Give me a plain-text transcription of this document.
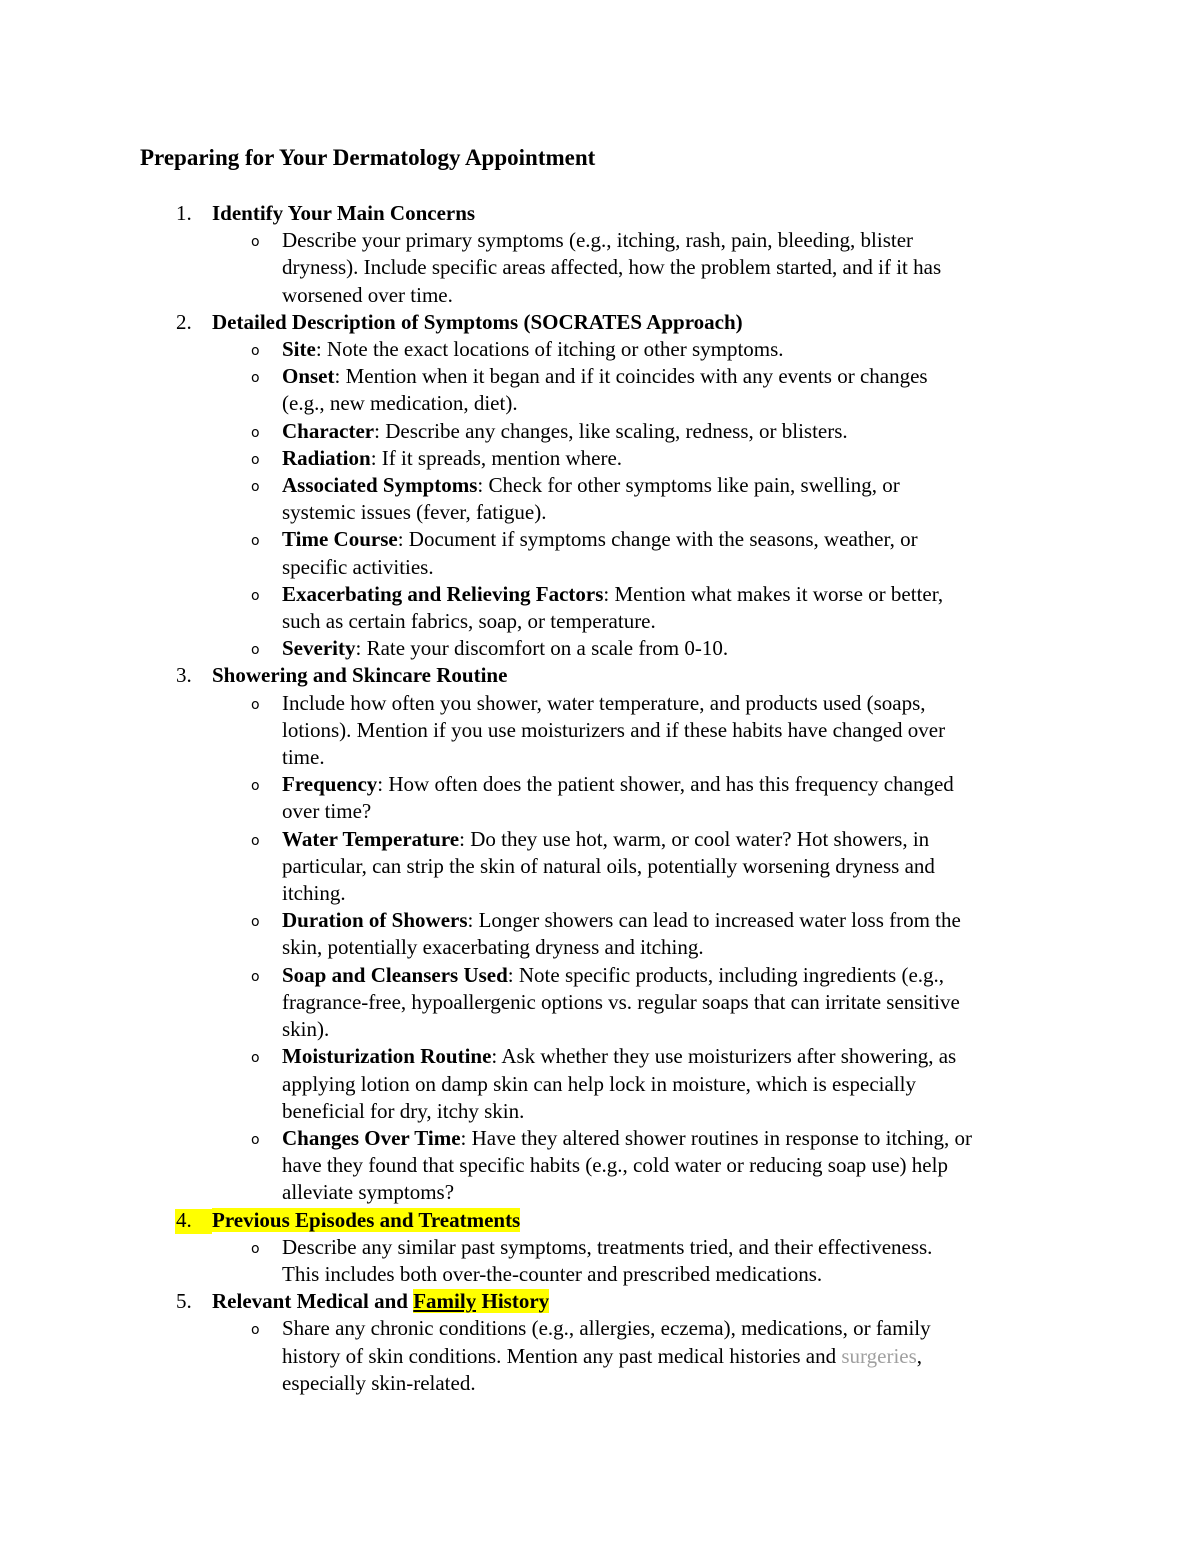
Preparing for Your Dermatology Appointment
1. Identify Your Main Concerns
o Describe your primary symptoms (e.g., itching, rash, pain, bleeding, blister
dryness). Include specific areas affected, how the problem started, and if it has
worsened over time.
2. Detailed Description of Symptoms (SOCRATES Approach)
o Site: Note the exact locations of itching or other symptoms.
o Onset: Mention when it began and if it coincides with any events or changes
(e.g., new medication, diet).
o Character: Describe any changes, like scaling, redness, or blisters.
o Radiation: If it spreads, mention where.
o Associated Symptoms: Check for other symptoms like pain, swelling, or
systemic issues (fever, fatigue).
o Time Course: Document if symptoms change with the seasons, weather, or
specific activities.
o Exacerbating and Relieving Factors: Mention what makes it worse or better,
such as certain fabrics, soap, or temperature.
o Severity: Rate your discomfort on a scale from 0-10.
3. Showering and Skincare Routine
o Include how often you shower, water temperature, and products used (soaps,
lotions). Mention if you use moisturizers and if these habits have changed over
time.
o Frequency: How often does the patient shower, and has this frequency changed
over time?
o Water Temperature: Do they use hot, warm, or cool water? Hot showers, in
particular, can strip the skin of natural oils, potentially worsening dryness and
itching.
o Duration of Showers: Longer showers can lead to increased water loss from the
skin, potentially exacerbating dryness and itching.
o Soap and Cleansers Used: Note specific products, including ingredients (e.g.,
fragrance-free, hypoallergenic options vs. regular soaps that can irritate sensitive
skin).
o Moisturization Routine: Ask whether they use moisturizers after showering, as
applying lotion on damp skin can help lock in moisture, which is especially
beneficial for dry, itchy skin.
o Changes Over Time: Have they altered shower routines in response to itching, or
have they found that specific habits (e.g., cold water or reducing soap use) help
alleviate symptoms?
4. Previous Episodes and Treatments
o Describe any similar past symptoms, treatments tried, and their effectiveness.
This includes both over-the-counter and prescribed medications.
5. Relevant Medical and Family History
o Share any chronic conditions (e.g., allergies, eczema), medications, or family
history of skin conditions. Mention any past medical histories and surgeries,
especially skin-related.
